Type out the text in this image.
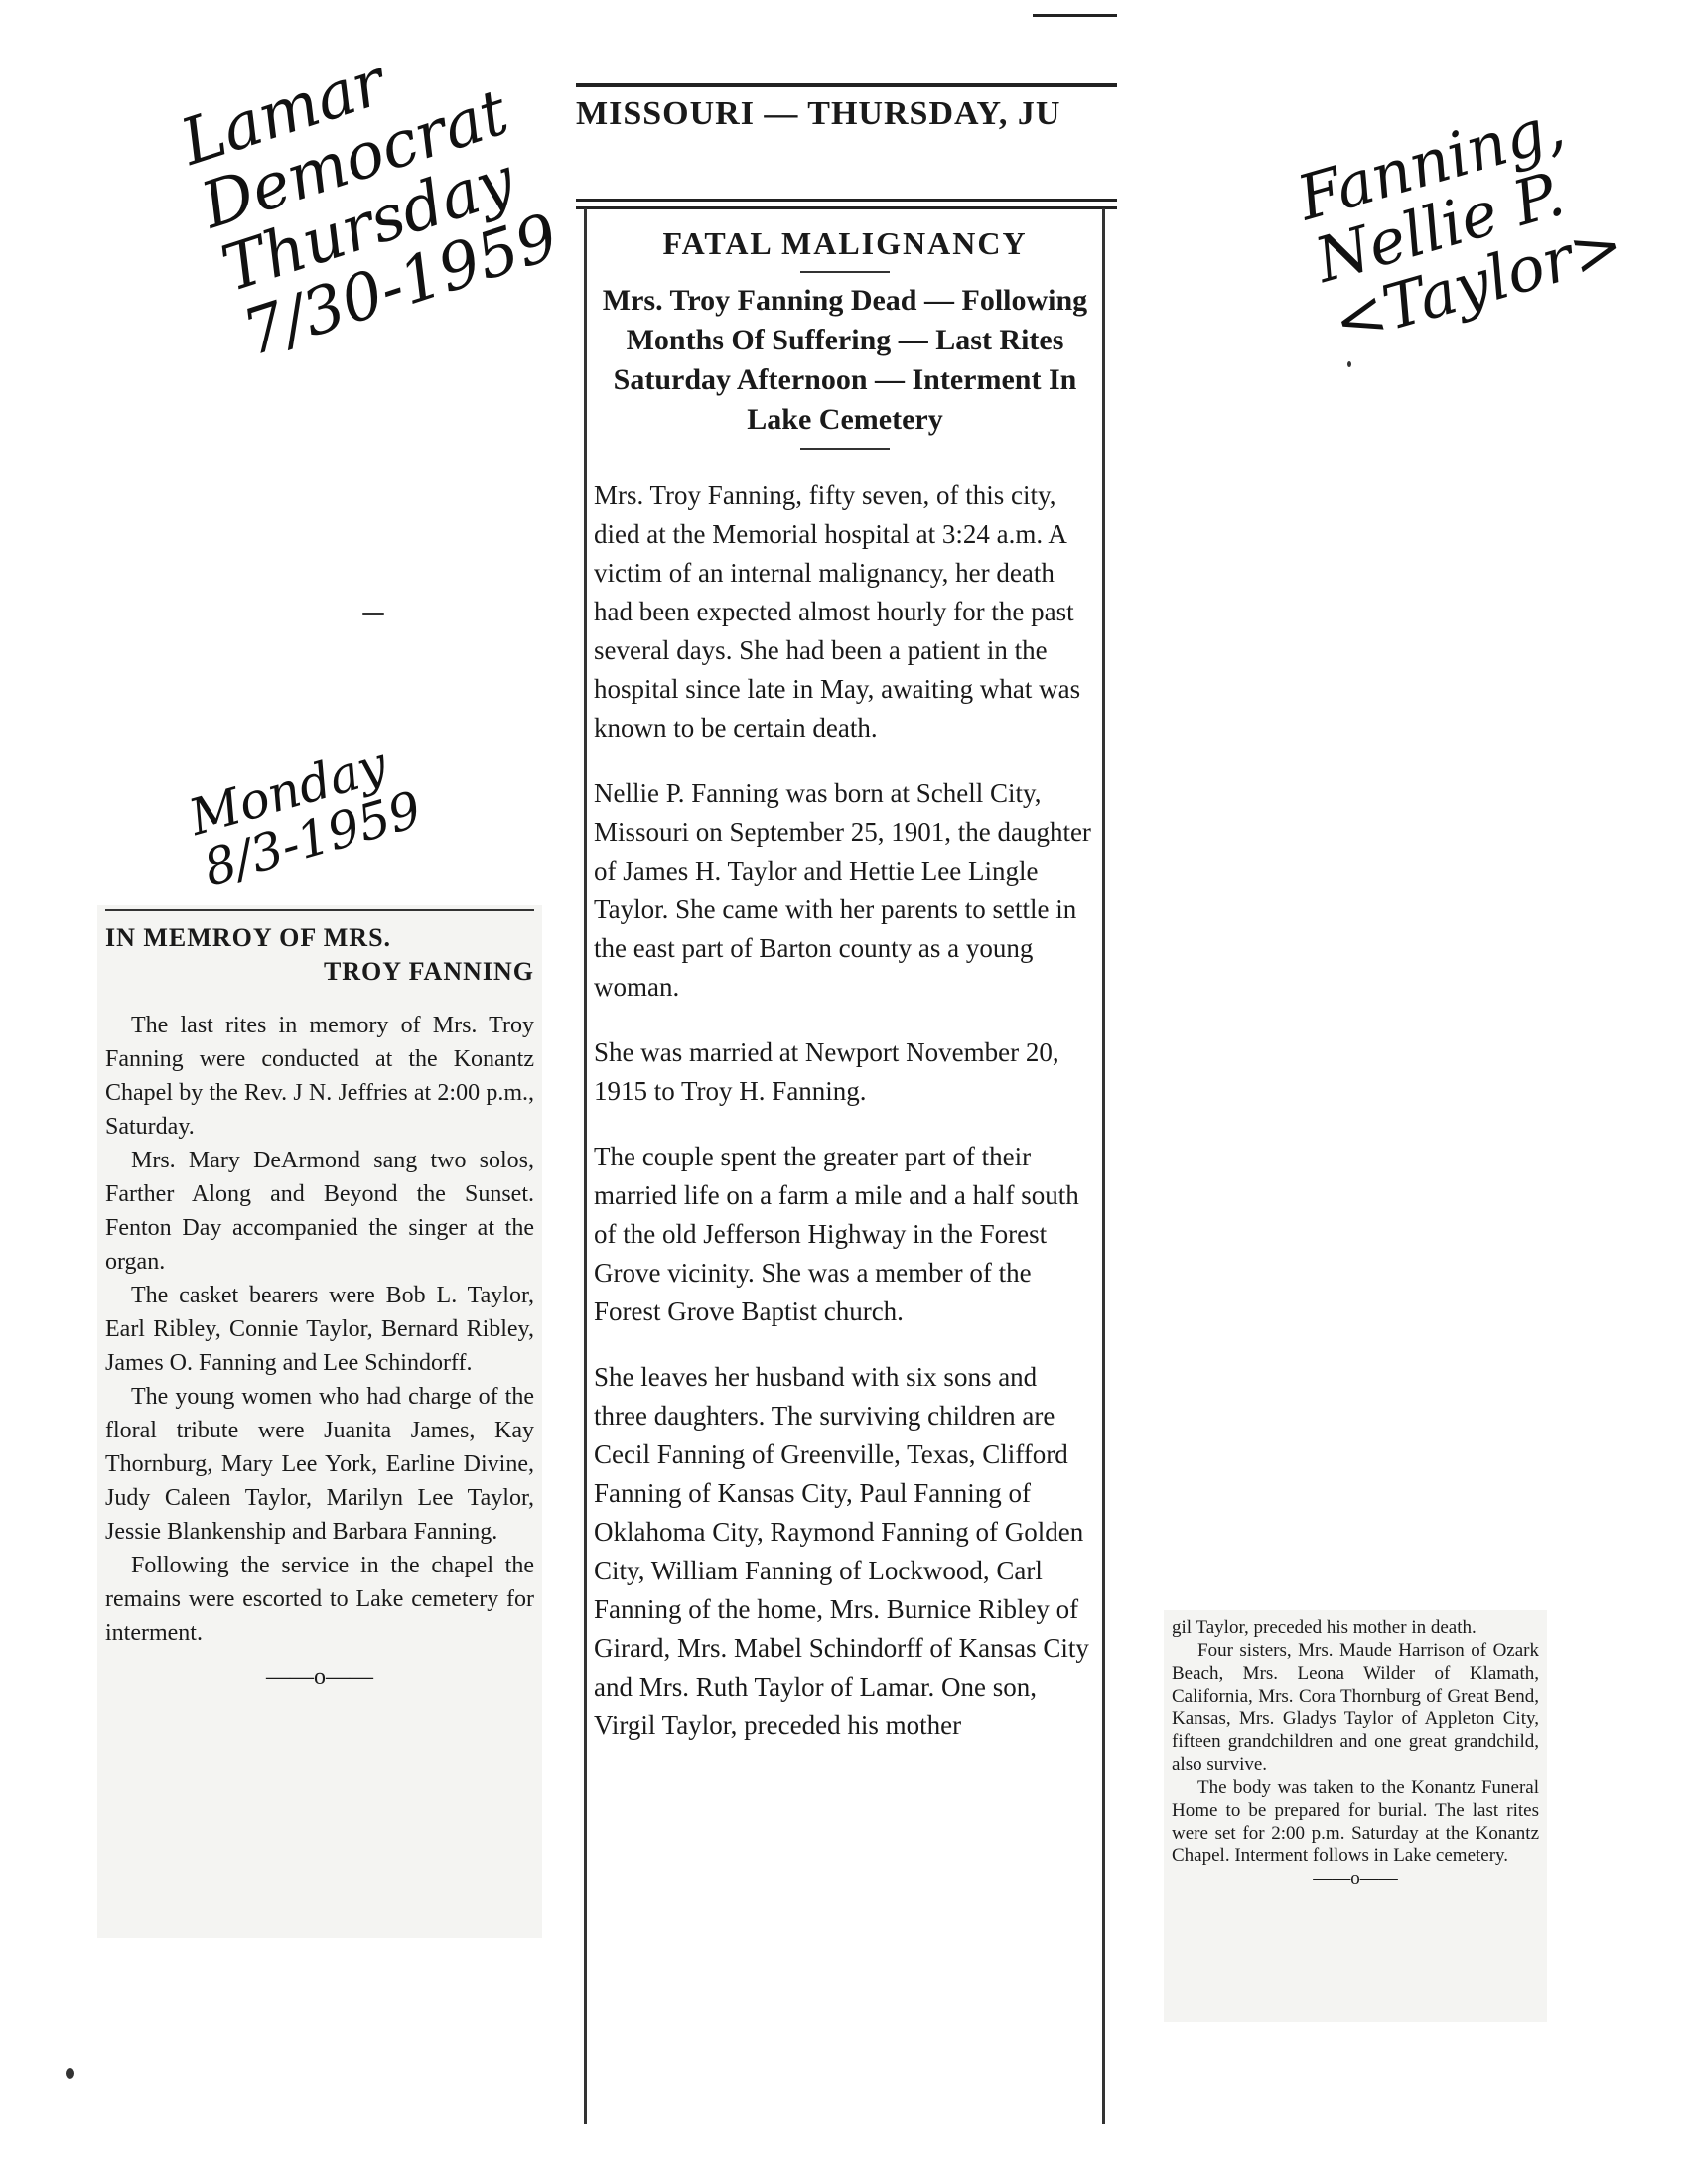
Lamar
Democrat
Thursday
7/30-1959
Monday
8/3-1959
Fanning,
Nellie P.
<Taylor>
MISSOURI — THURSDAY, JU
FATAL MALIGNANCY
Mrs. Troy Fanning Dead — Following Months Of Suffering — Last Rites Saturday Afternoon — Interment In Lake Cemetery

Mrs. Troy Fanning, fifty seven, of this city, died at the Memorial hospital at 3:24 a.m. A victim of an internal malignancy, her death had been expected almost hourly for the past several days. She had been a patient in the hospital since late in May, awaiting what was known to be certain death.

Nellie P. Fanning was born at Schell City, Missouri on September 25, 1901, the daughter of James H. Taylor and Hettie Lee Lingle Taylor. She came with her parents to settle in the east part of Barton county as a young woman.

She was married at Newport November 20, 1915 to Troy H. Fanning.

The couple spent the greater part of their married life on a farm a mile and a half south of the old Jefferson Highway in the Forest Grove vicinity. She was a member of the Forest Grove Baptist church.

She leaves her husband with six sons and three daughters. The surviving children are Cecil Fanning of Greenville, Texas, Clifford Fanning of Kansas City, Paul Fanning of Oklahoma City, Raymond Fanning of Golden City, William Fanning of Lockwood, Carl Fanning of the home, Mrs. Burnice Ribley of Girard, Mrs. Mabel Schindorff of Kansas City and Mrs. Ruth Taylor of Lamar. One son, Virgil Taylor, preceded his mother

IN MEMROY OF MRS.
TROY FANNING

The last rites in memory of Mrs. Troy Fanning were conducted at the Konantz Chapel by the Rev. J N. Jeffries at 2:00 p.m., Saturday.

Mrs. Mary DeArmond sang two solos, Farther Along and Beyond the Sunset. Fenton Day accompanied the singer at the organ.

The casket bearers were Bob L. Taylor, Earl Ribley, Connie Taylor, Bernard Ribley, James O. Fanning and Lee Schindorff.

The young women who had charge of the floral tribute were Juanita James, Kay Thornburg, Mary Lee York, Earline Divine, Judy Caleen Taylor, Marilyn Lee Taylor, Jessie Blankenship and Barbara Fanning.

Following the service in the chapel the remains were escorted to Lake cemetery for interment.

——o——
gil Taylor, preceded his mother in death.

Four sisters, Mrs. Maude Harrison of Ozark Beach, Mrs. Leona Wilder of Klamath, California, Mrs. Cora Thornburg of Great Bend, Kansas, Mrs. Gladys Taylor of Appleton City, fifteen grandchildren and one great grandchild, also survive.

The body was taken to the Konantz Funeral Home to be prepared for burial. The last rites were set for 2:00 p.m. Saturday at the Konantz Chapel. Interment follows in Lake cemetery.

——o——
